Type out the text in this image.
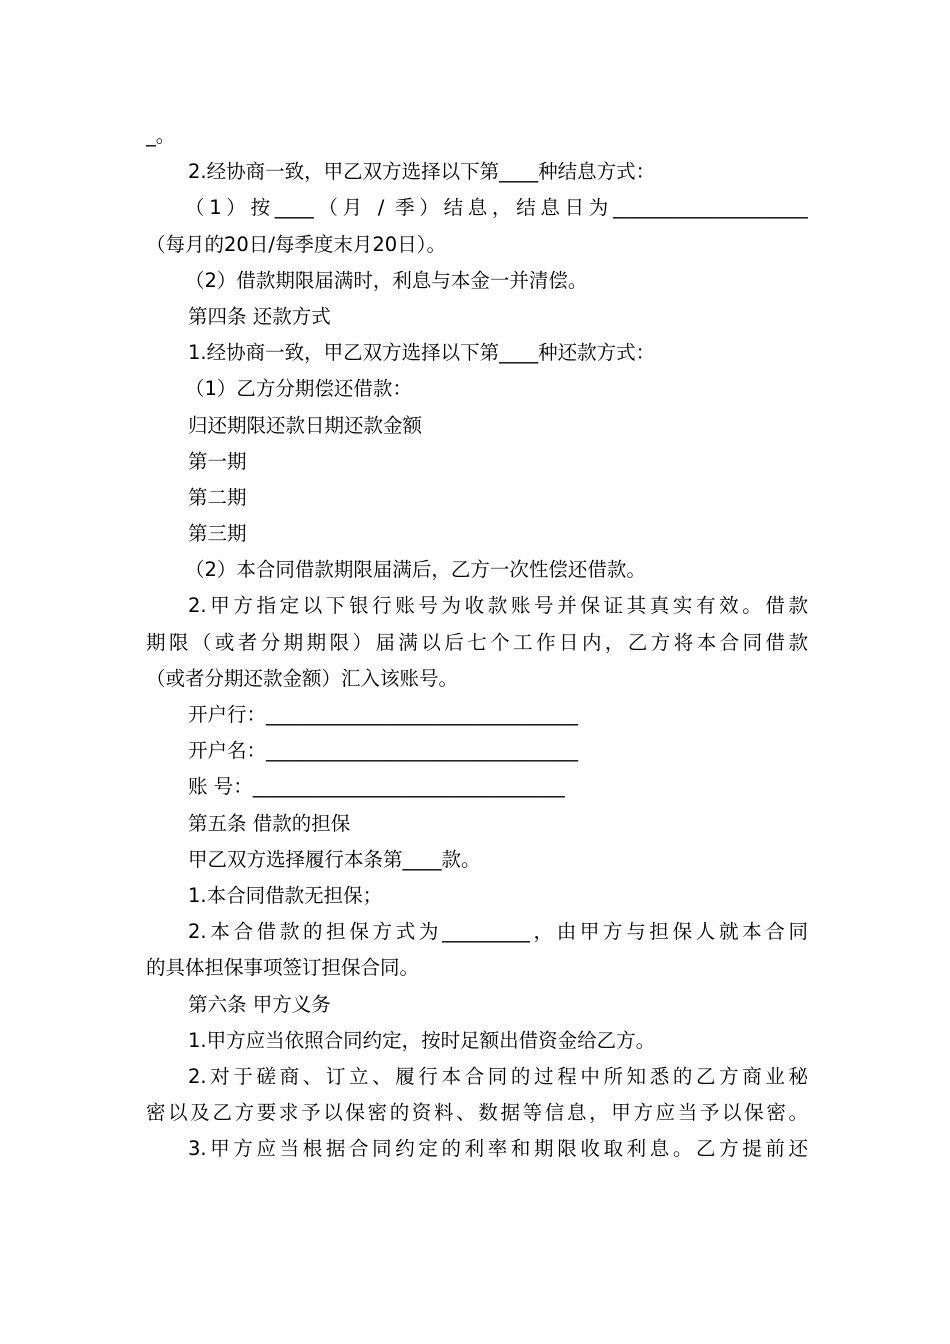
_。
2.经协商一致，甲乙双方选择以下第____种结息方式：
（1）按____（月 / 季）结息，结息日为____________________
（每月的20日/每季度末月20日）。
（2）借款期限届满时，利息与本金一并清偿。
第四条 还款方式
1.经协商一致，甲乙双方选择以下第____种还款方式：
（1）乙方分期偿还借款：
归还期限还款日期还款金额
第一期
第二期
第三期
（2）本合同借款期限届满后，乙方一次性偿还借款。
2.甲方指定以下银行账号为收款账号并保证其真实有效。借款
期限（或者分期期限）届满以后七个工作日内，乙方将本合同借款
（或者分期还款金额）汇入该账号。
开户行：________________________________
开户名：________________________________
账 号：________________________________
第五条 借款的担保
甲乙双方选择履行本条第____款。
1.本合同借款无担保；
2.本合借款的担保方式为_________，由甲方与担保人就本合同
的具体担保事项签订担保合同。
第六条 甲方义务
1.甲方应当依照合同约定，按时足额出借资金给乙方。
2.对于磋商、订立、履行本合同的过程中所知悉的乙方商业秘
密以及乙方要求予以保密的资料、数据等信息，甲方应当予以保密。
3.甲方应当根据合同约定的利率和期限收取利息。乙方提前还
